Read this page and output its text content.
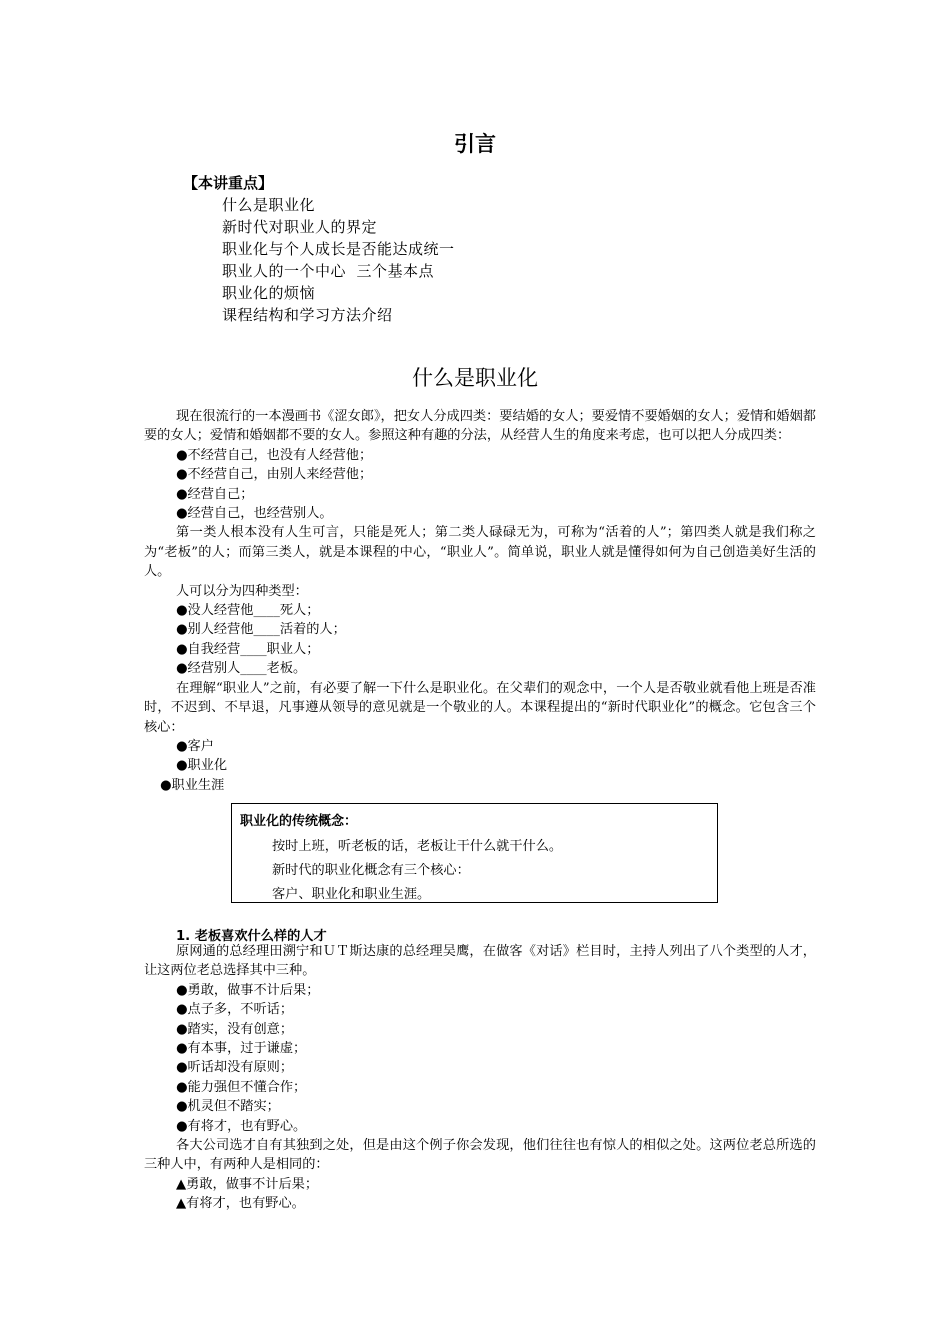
引言
【本讲重点】
什么是职业化
新时代对职业人的界定
职业化与个人成长是否能达成统一
职业人的一个中心  三个基本点
职业化的烦恼
课程结构和学习方法介绍
什么是职业化

现在很流行的一本漫画书《涩女郎》，把女人分成四类：要结婚的女人；要爱情不要婚姻的女人；爱情和婚姻都要的女人；爱情和婚姻都不要的女人。参照这种有趣的分法，从经营人生的角度来考虑，也可以把人分成四类：

●不经营自己，也没有人经营他；

●不经营自己，由别人来经营他；

●经营自己；

●经营自己，也经营别人。

第一类人根本没有人生可言，只能是死人；第二类人碌碌无为，可称为“活着的人”；第四类人就是我们称之为“老板”的人；而第三类人，就是本课程的中心，“职业人”。简单说，职业人就是懂得如何为自己创造美好生活的人。

人可以分为四种类型：

●没人经营他____死人；

●别人经营他____活着的人；

●自我经营____职业人；

●经营别人____老板。

在理解“职业人”之前，有必要了解一下什么是职业化。在父辈们的观念中，一个人是否敬业就看他上班是否准时，不迟到、不早退，凡事遵从领导的意见就是一个敬业的人。本课程提出的“新时代职业化”的概念。它包含三个核心：

●客户

●职业化

●职业生涯

职业化的传统概念：
按时上班，听老板的话，老板让干什么就干什么。
新时代的职业化概念有三个核心：
客户、职业化和职业生涯。
1. 老板喜欢什么样的人才

原网通的总经理田溯宁和ＵＴ斯达康的总经理吴鹰，在做客《对话》栏目时，主持人列出了八个类型的人才，让这两位老总选择其中三种。

●勇敢，做事不计后果；

●点子多，不听话；

●踏实，没有创意；

●有本事，过于谦虚；

●听话却没有原则；

●能力强但不懂合作；

●机灵但不踏实；

●有将才，也有野心。

各大公司选才自有其独到之处，但是由这个例子你会发现，他们往往也有惊人的相似之处。这两位老总所选的三种人中，有两种人是相同的：

▲勇敢，做事不计后果；

▲有将才，也有野心。
